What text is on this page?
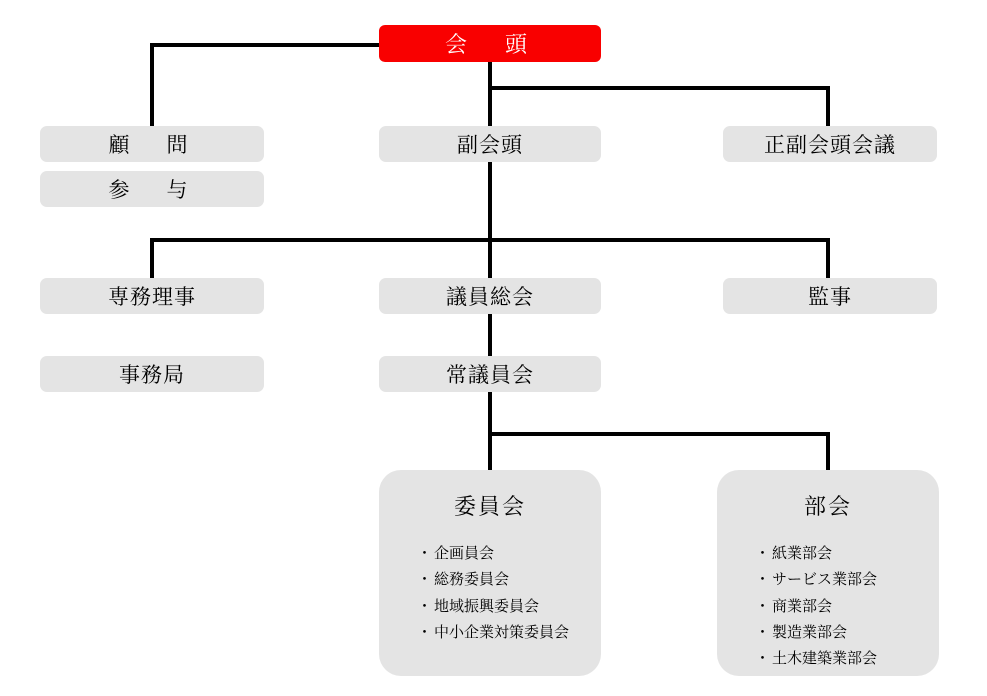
会　頭
顧　問
参　与
副会頭	正副会頭会議
専務理事
事務局
議員総会
常議員会
監事
委員会
・ 企画員会
・ 総務委員会
・ 地域振興委員会
・ 中小企業対策委員会
部会
・ 紙業部会
・ サービス業部会
・ 商業部会
・ 製造業部会
・ 土木建築業部会
